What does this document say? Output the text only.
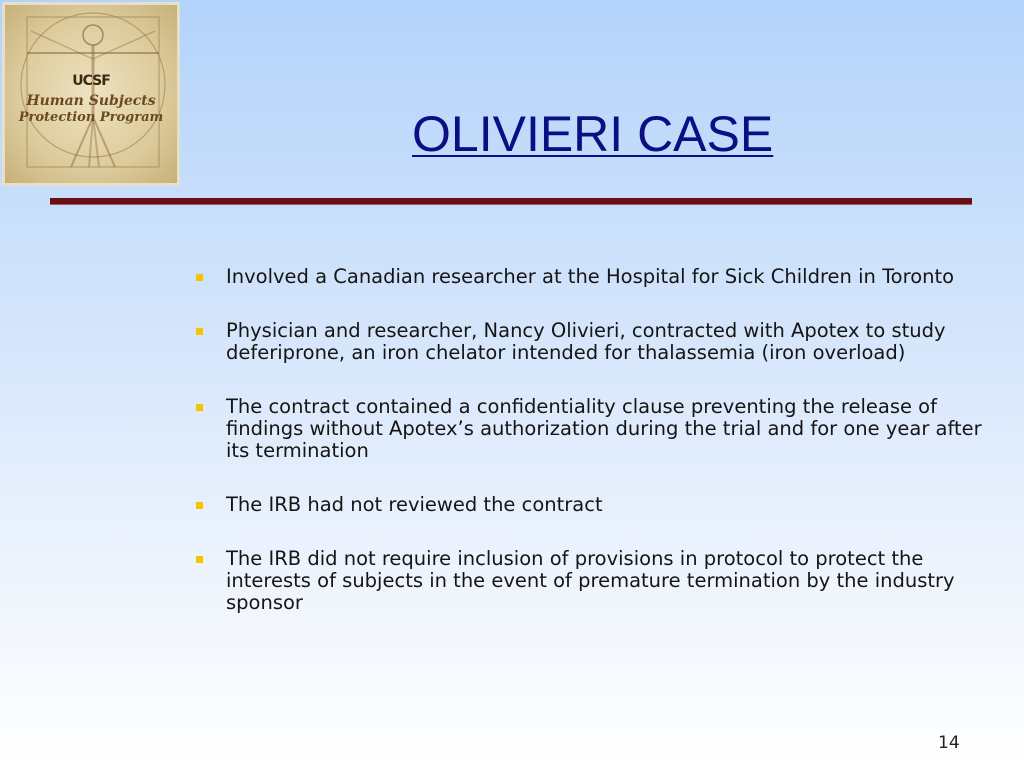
UCSF
Human Subjects
Protection Program	OLIVIERI CASE
Involved a Canadian researcher at the Hospital for Sick Children in Toronto
Physician and researcher, Nancy Olivieri, contracted with Apotex to study deferiprone, an iron chelator intended for thalassemia (iron overload)
The contract contained a confidentiality clause preventing the release of findings without Apotex’s authorization during the trial and for one year after its termination
The IRB had not reviewed the contract
The IRB did not require inclusion of provisions in protocol to protect the interests of subjects in the event of premature termination by the industry sponsor
14
